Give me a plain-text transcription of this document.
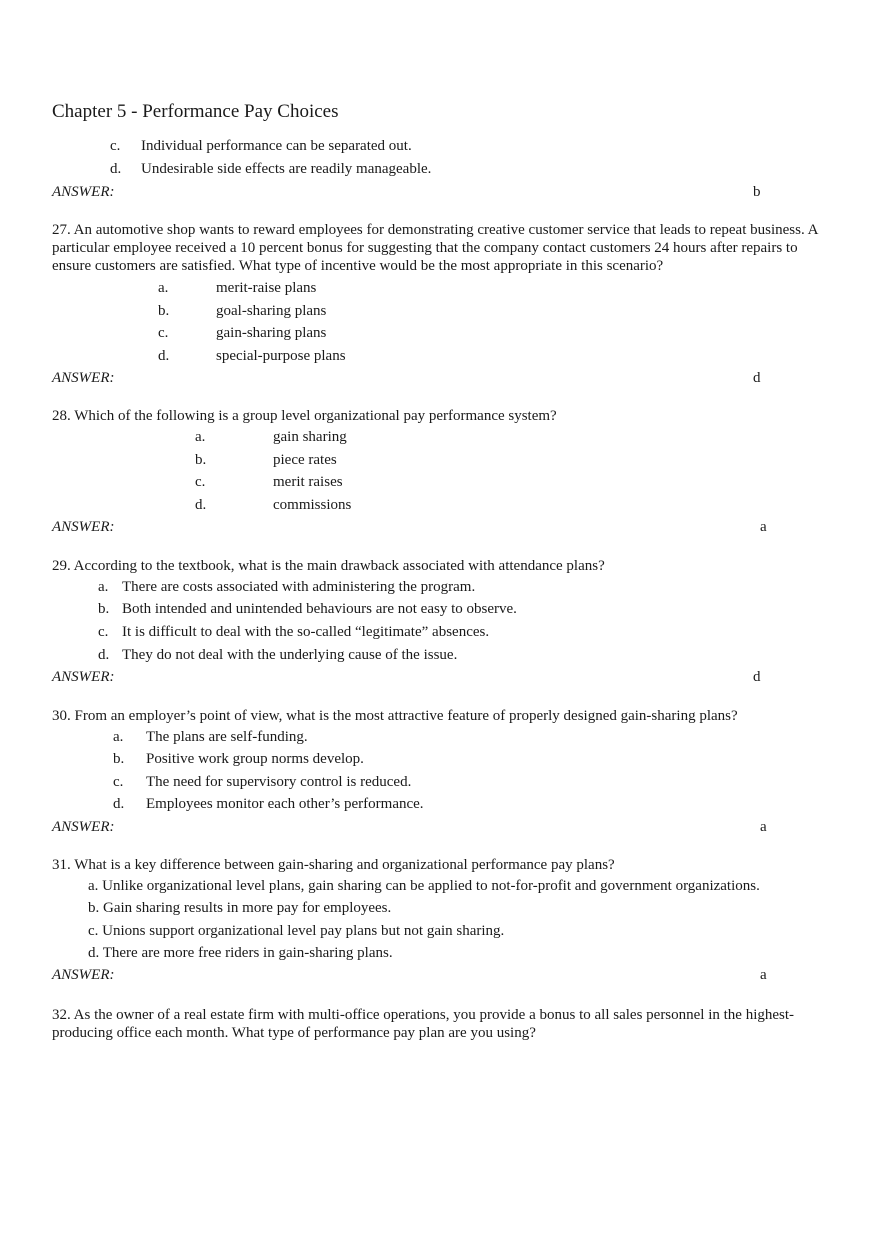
Chapter 5 - Performance Pay Choices
c. Individual performance can be separated out.
d. Undesirable side effects are readily manageable.
ANSWER:	b
27. An automotive shop wants to reward employees for demonstrating creative customer service that leads to repeat business. A particular employee received a 10 percent bonus for suggesting that the company contact customers 24 hours after repairs to ensure customers are satisfied. What type of incentive would be the most appropriate in this scenario?
a.	merit-raise plans
b.	goal-sharing plans
c.	gain-sharing plans
d.	special-purpose plans
ANSWER:	d
28. Which of the following is a group level organizational pay performance system?
a.	gain sharing
b.	piece rates
c.	merit raises
d.	commissions
ANSWER:	a
29. According to the textbook, what is the main drawback associated with attendance plans?
a. There are costs associated with administering the program.
b. Both intended and unintended behaviours are not easy to observe.
c. It is difficult to deal with the so-called “legitimate” absences.
d. They do not deal with the underlying cause of the issue.
ANSWER:	d
30. From an employer’s point of view, what is the most attractive feature of properly designed gain-sharing plans?
a. The plans are self-funding.
b. Positive work group norms develop.
c. The need for supervisory control is reduced.
d. Employees monitor each other’s performance.
ANSWER:	a
31. What is a key difference between gain-sharing and organizational performance pay plans?
a. Unlike organizational level plans, gain sharing can be applied to not-for-profit and government organizations.
b. Gain sharing results in more pay for employees.
c. Unions support organizational level pay plans but not gain sharing.
d. There are more free riders in gain-sharing plans.
ANSWER:	a
32. As the owner of a real estate firm with multi-office operations, you provide a bonus to all sales personnel in the highest-producing office each month. What type of performance pay plan are you using?
